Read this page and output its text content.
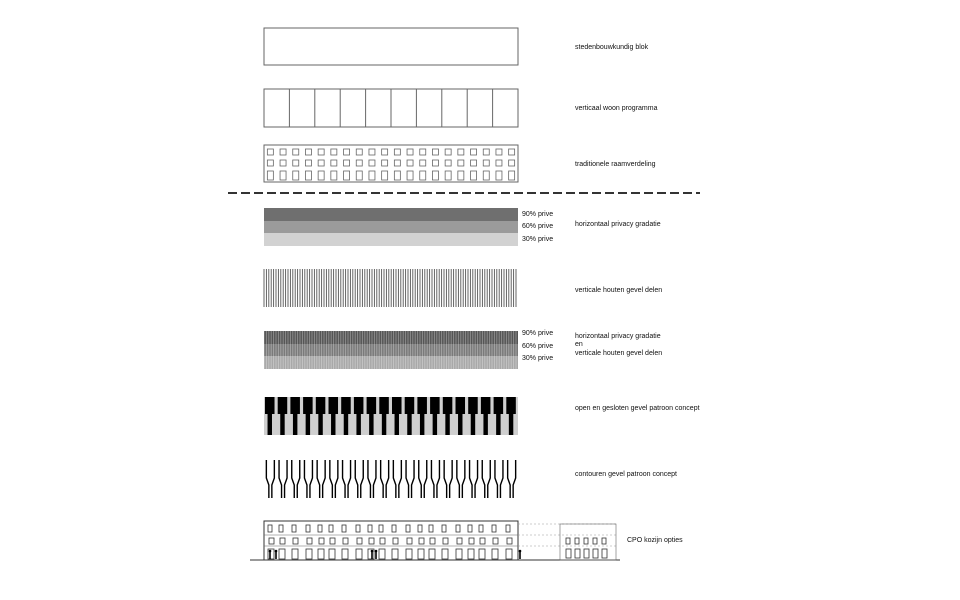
stedenbouwkundig blok
verticaal woon programma
traditionele raamverdeling
horizontaal privacy gradatie
verticale houten gevel delen
horizontaal privacy gradatie
en
verticale houten gevel delen
open en gesloten gevel patroon concept
contouren gevel patroon concept
CPO kozijn opties
90% prive
60% prive
30% prive
90% prive
60% prive
30% prive
